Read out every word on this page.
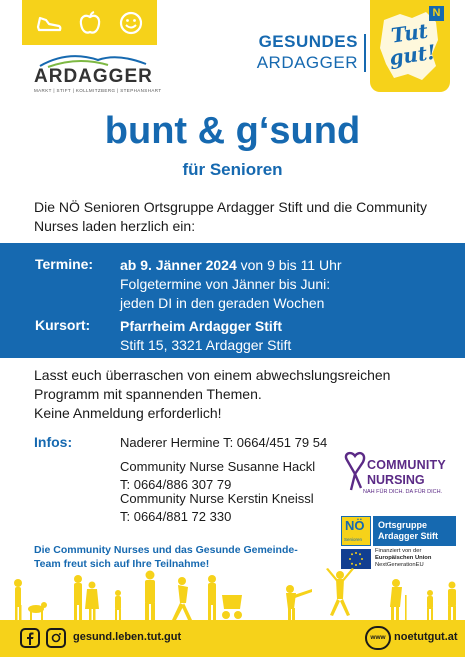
ARDAGGER
MARKT | STIFT | KOLLMITZBERG | STEPHANSHART
GESUNDES
ARDAGGER
N
Tut gut!
bunt & g‘sund
für Senioren
Die NÖ Senioren Ortsgruppe Ardagger Stift und die Community Nurses laden herzlich ein:
Termine: ab 9. Jänner 2024 von 9 bis 11 Uhr
Folgetermine von Jänner bis Juni:
jeden DI in den geraden Wochen
Kursort: Pfarrheim Ardagger Stift
Stift 15, 3321 Ardagger Stift
Lasst euch überraschen von einem abwechslungsreichen
Programm mit spannenden Themen.
Keine Anmeldung erforderlich!
Infos:	Naderer Hermine T: 0664/451 79 54
Community Nurse Susanne Hackl
T: 0664/886 307 79
Community Nurse Kerstin Kneissl
T: 0664/881 72 330
COMMUNITY
NURSING
NAH FÜR DICH. DA FÜR DICH.
NÖ
Senioren
Ortsgruppe
Ardagger Stift
Finanziert von der
Europäischen Union
NextGenerationEU
Die Community Nurses und das Gesunde Gemeinde-
Team freut sich auf Ihre Teilnahme!
gesund.leben.tut.gut	www noetutgut.at
